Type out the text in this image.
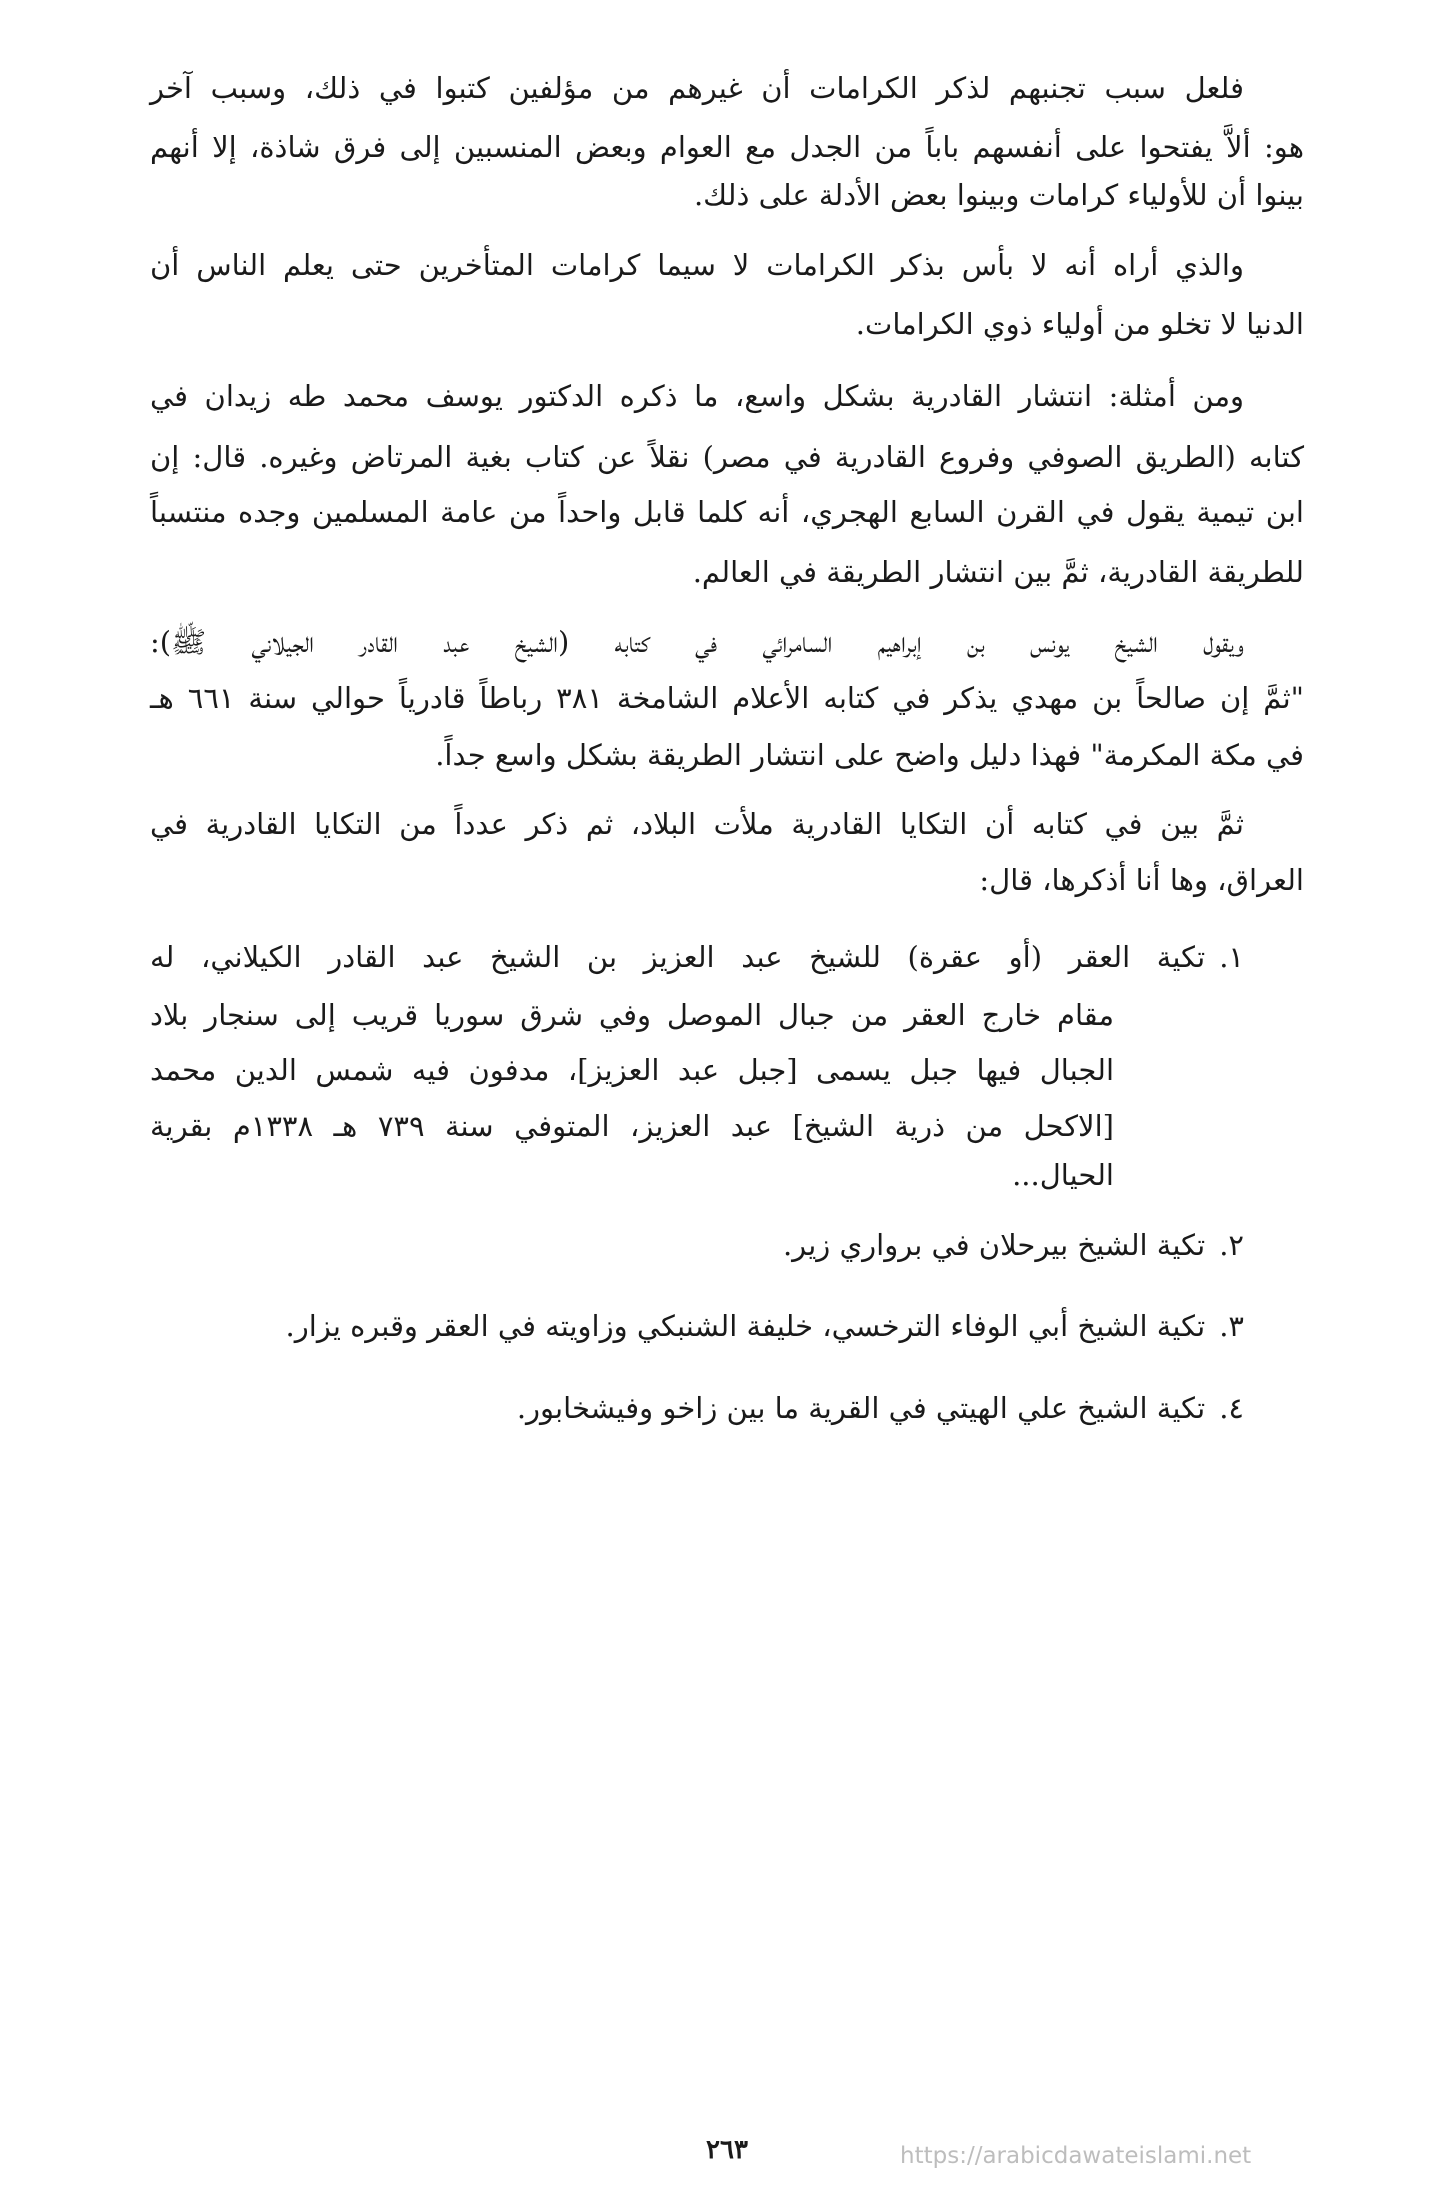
فلعل سبب تجنبهم لذكر الكرامات أن غيرهم من مؤلفين كتبوا في ذلك، وسبب آخر
هو: ألاَّ يفتحوا على أنفسهم باباً من الجدل مع العوام وبعض المنسبين إلى فرق شاذة، إلا أنهم
بينوا أن للأولياء كرامات وبينوا بعض الأدلة على ذلك.
والذي أراه أنه لا بأس بذكر الكرامات لا سيما كرامات المتأخرين حتى يعلم الناس أن
الدنيا لا تخلو من أولياء ذوي الكرامات.
ومن أمثلة: انتشار القادرية بشكل واسع، ما ذكره الدكتور يوسف محمد طه زيدان في
كتابه (الطريق الصوفي وفروع القادرية في مصر) نقلاً عن كتاب بغية المرتاض وغيره. قال: إن
ابن تيمية يقول في القرن السابع الهجري، أنه كلما قابل واحداً من عامة المسلمين وجده منتسباً
للطريقة القادرية، ثمَّ بين انتشار الطريقة في العالم.
ويقول الشيخ يونس بن إبراهيم السامرائي في كتابه (الشيخ عبد القادر الجيلاني ﷺ):
"ثمَّ إن صالحاً بن مهدي يذكر في كتابه الأعلام الشامخة ٣٨١ رباطاً قادرياً حوالي سنة ٦٦١ هـ
في مكة المكرمة" فهذا دليل واضح على انتشار الطريقة بشكل واسع جداً.
ثمَّ بين في كتابه أن التكايا القادرية ملأت البلاد، ثم ذكر عدداً من التكايا القادرية في
العراق، وها أنا أذكرها، قال:
١.تكية العقر (أو عقرة) للشيخ عبد العزيز بن الشيخ عبد القادر الكيلاني، له
مقام خارج العقر من جبال الموصل وفي شرق سوريا قريب إلى سنجار بلاد
الجبال فيها جبل يسمى [جبل عبد العزيز]، مدفون فيه شمس الدين محمد
[الاكحل من ذرية الشيخ] عبد العزيز، المتوفي سنة ٧٣٩ هـ ١٣٣٨م بقرية
الحيال...
٢.تكية الشيخ بيرحلان في برواري زير.
٣.تكية الشيخ أبي الوفاء الترخسي، خليفة الشنبكي وزاويته في العقر وقبره يزار.
٤.تكية الشيخ علي الهيتي في القرية ما بين زاخو وفيشخابور.
٢٦٣	https://arabicdawateislami.net
